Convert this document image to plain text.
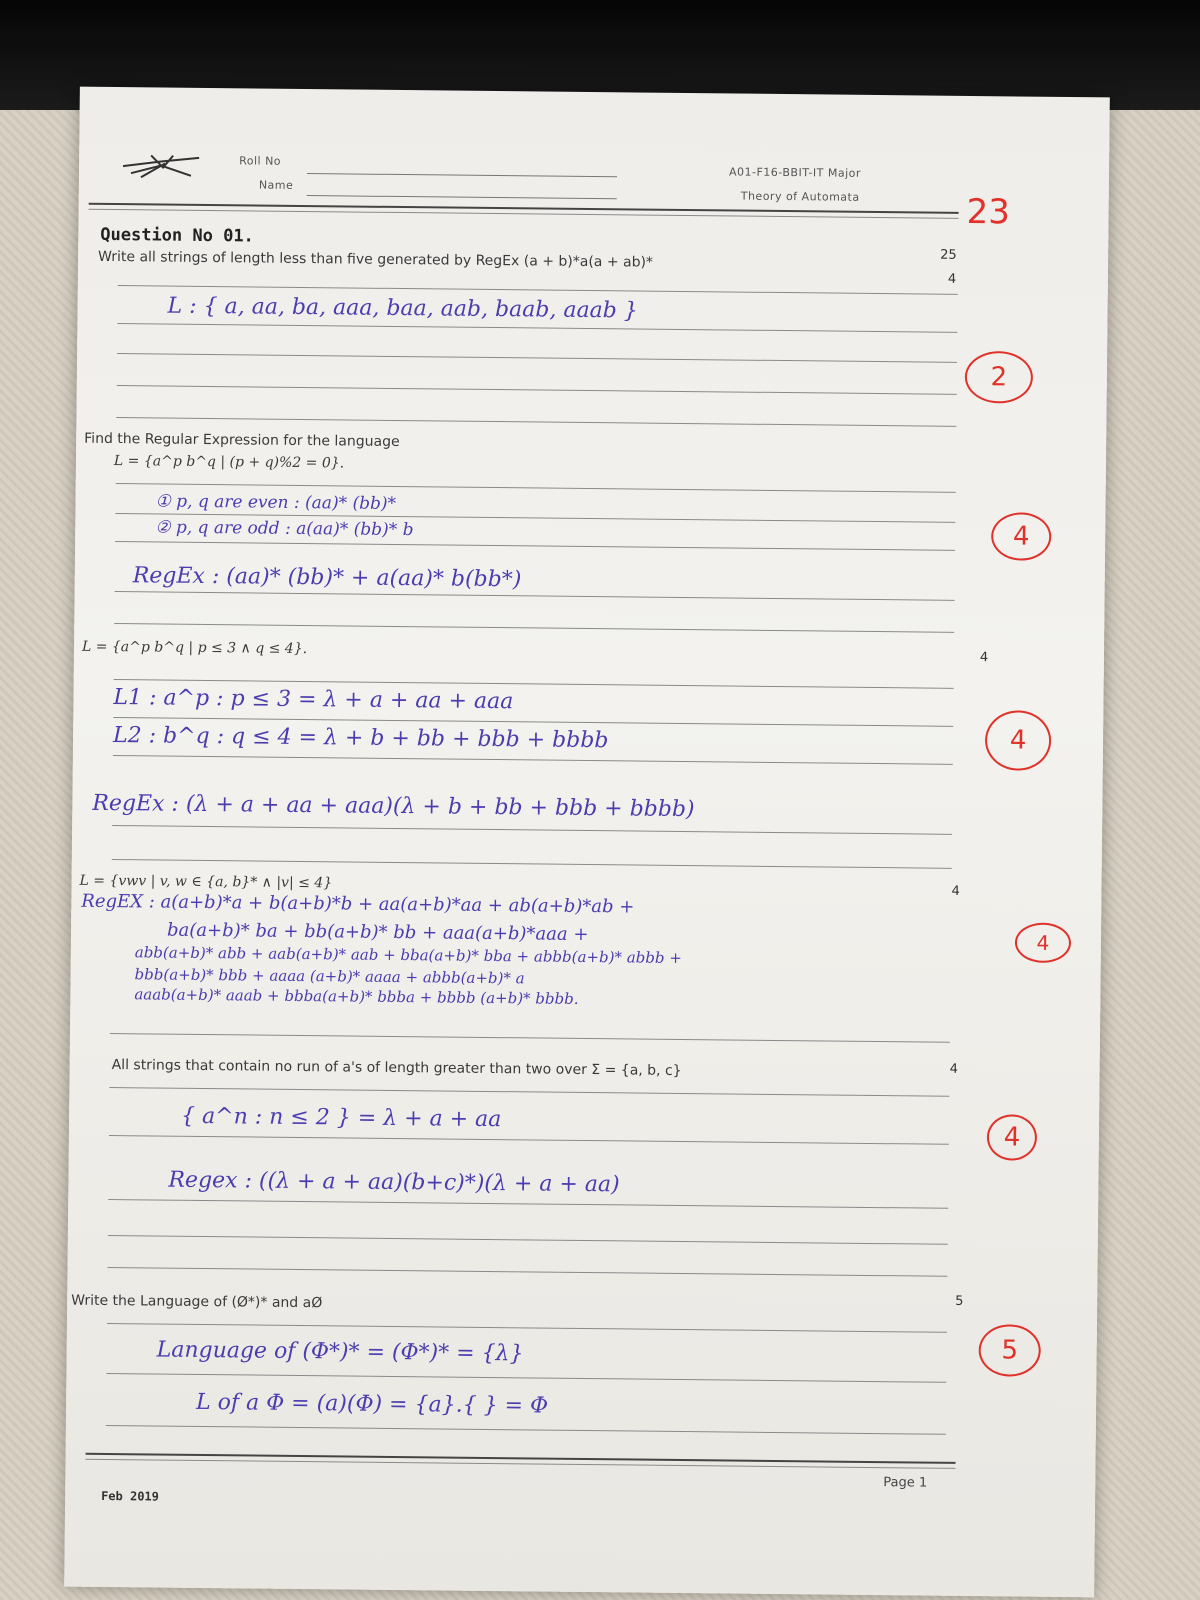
Roll No
Name
A01-F16-BBIT-IT Major
Theory of Automata	23
Question No 01.
25
Write all strings of length less than five generated by RegEx (a + b)*a(a + ab)*
4
L : { a, aa, ba, aaa, baa, aab, baab, aaab }
2
Find the Regular Expression for the language
L = {a^p b^q | (p + q)%2 = 0}.
① p, q are even : (aa)* (bb)*
② p, q are odd : a(aa)* (bb)* b
RegEx : (aa)* (bb)* + a(aa)* b(bb*)
4
L = {a^p b^q | p ≤ 3 ∧ q ≤ 4}.
4
L1 : a^p : p ≤ 3 = λ + a + aa + aaa
L2 : b^q : q ≤ 4 = λ + b + bb + bbb + bbbb
RegEx : (λ + a + aa + aaa)(λ + b + bb + bbb + bbbb)
4
L = {vwv | v, w ∈ {a, b}* ∧ |v| ≤ 4}
4
RegEX : a(a+b)*a + b(a+b)*b + aa(a+b)*aa + ab(a+b)*ab +
ba(a+b)* ba + bb(a+b)* bb + aaa(a+b)*aaa +
abb(a+b)* abb + aab(a+b)* aab + bba(a+b)* bba + abbb(a+b)* abbb +
bbb(a+b)* bbb + aaaa (a+b)* aaaa + abbb(a+b)* a
aaab(a+b)* aaab + bbba(a+b)* bbba + bbbb (a+b)* bbbb.
4
All strings that contain no run of a's of length greater than two over Σ = {a, b, c}	4
{ a^n : n ≤ 2 } = λ + a + aa
Regex : ((λ + a + aa)(b+c)*)(λ + a + aa)
4
Write the Language of (Ø*)* and aØ	5
Language of (Φ*)* = (Φ*)* = {λ}
L of a Φ = (a)(Φ) = {a}.{ } = Φ
5
Feb 2019
Page 1
